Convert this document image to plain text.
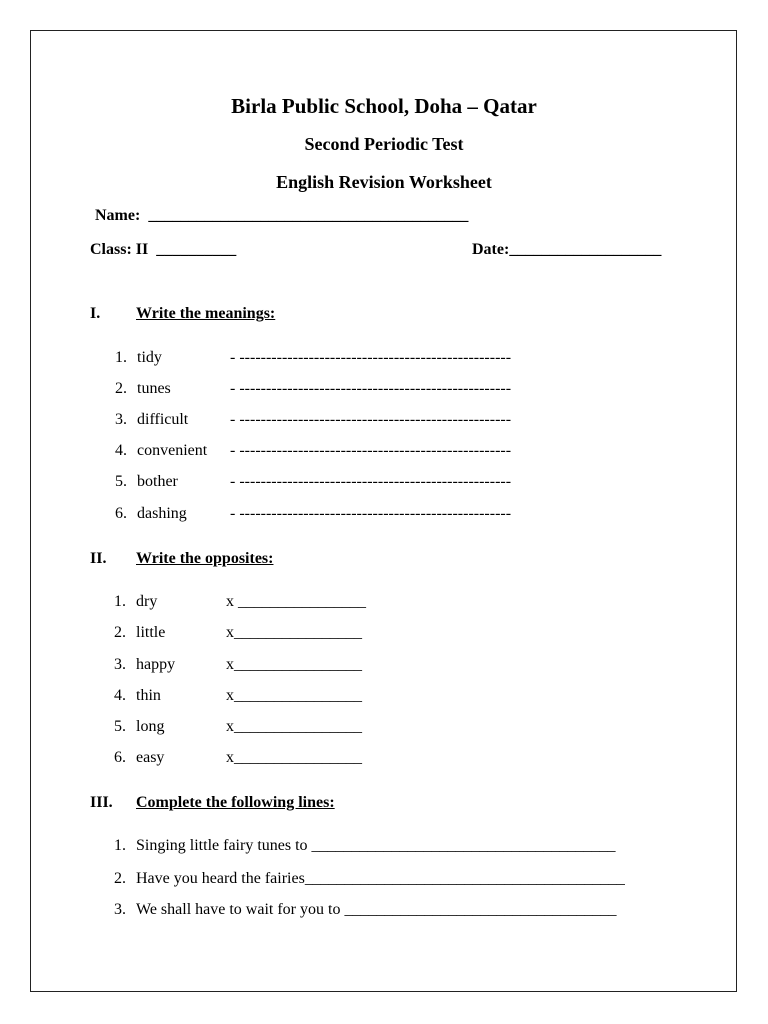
Birla Public School, Doha – Qatar
Second Periodic Test
English Revision Worksheet
Name:  ________________________________________
Class: II  __________	Date:___________________
I. Write the meanings:
1. tidy	- ---------------------------------------------------
2. tunes	- ---------------------------------------------------
3. difficult	- ---------------------------------------------------
4. convenient - ---------------------------------------------------
5. bother	- ---------------------------------------------------
6. dashing	- ---------------------------------------------------
II. Write the opposites:
1. dry	x ________________
2. little	x________________
3. happy	x________________
4. thin	x________________
5. long	x________________
6. easy	x________________
III. Complete the following lines:
1. Singing little fairy tunes to ______________________________________
2. Have you heard the fairies________________________________________
3. We shall have to wait for you to __________________________________
